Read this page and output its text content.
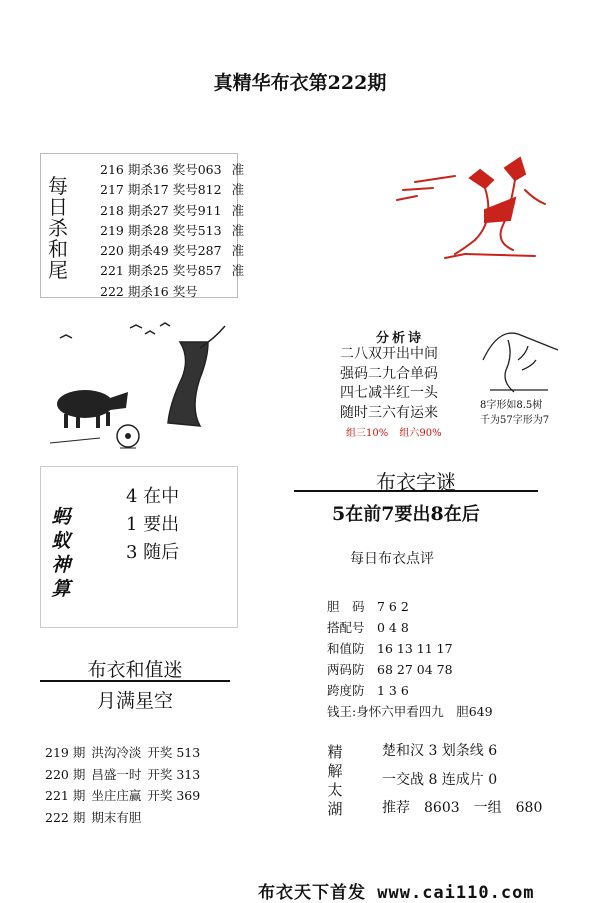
真精华布衣第222期
每
日
杀
和
尾
216 期杀36 奖号063 准
217 期杀17 奖号812 准
218 期杀27 奖号911 准
219 期杀28 奖号513 准
220 期杀49 奖号287 准
221 期杀25 奖号857 准
222 期杀16 奖号
分析诗
二八双开出中间
强码二九合单码
四七减半红一头
随时三六有运来
组三10% 组六90%
8字形如8.5树
千为57字形为7
蚂
蚁
神
算
4 在中
1 要出
3 随后
布衣字谜
5在前7要出8在后
每日布衣点评
胆　码　7 6 2
搭配号　0 4 8
和值防　16 13 11 17
两码防　68 27 04 78
跨度防　1 3 6
钱王:身怀六甲看四九　胆649
布衣和值迷
月满星空
219 期	洪沟冷淡	开奖 513
220 期	昌盛一时	开奖 313
221 期	坐庄庄赢	开奖 369
222 期	期末有胆	
精
解
太
湖
楚和汉 3 划条线 6
一交战 8 连成片 0
推荐　8603　一组　680
布衣天下首发 www.cai110.com
